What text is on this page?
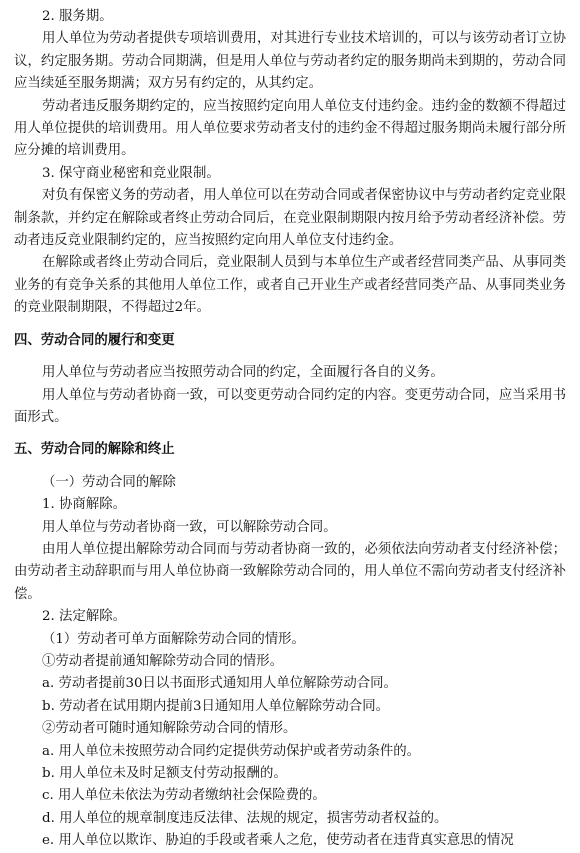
2. 服务期。

用人单位为劳动者提供专项培训费用，对其进行专业技术培训的，可以与该劳动者订立协议，约定服务期。劳动合同期满，但是用人单位与劳动者约定的服务期尚未到期的，劳动合同应当续延至服务期满；双方另有约定的，从其约定。

劳动者违反服务期约定的，应当按照约定向用人单位支付违约金。违约金的数额不得超过用人单位提供的培训费用。用人单位要求劳动者支付的违约金不得超过服务期尚未履行部分所应分摊的培训费用。

3. 保守商业秘密和竞业限制。

对负有保密义务的劳动者，用人单位可以在劳动合同或者保密协议中与劳动者约定竞业限制条款，并约定在解除或者终止劳动合同后，在竞业限制期限内按月给予劳动者经济补偿。劳动者违反竞业限制约定的，应当按照约定向用人单位支付违约金。

在解除或者终止劳动合同后，竞业限制人员到与本单位生产或者经营同类产品、从事同类业务的有竞争关系的其他用人单位工作，或者自己开业生产或者经营同类产品、从事同类业务的竞业限制期限，不得超过2年。

四、劳动合同的履行和变更

用人单位与劳动者应当按照劳动合同的约定，全面履行各自的义务。

用人单位与劳动者协商一致，可以变更劳动合同约定的内容。变更劳动合同，应当采用书面形式。

五、劳动合同的解除和终止

（一）劳动合同的解除

1. 协商解除。

用人单位与劳动者协商一致，可以解除劳动合同。

由用人单位提出解除劳动合同而与劳动者协商一致的，必须依法向劳动者支付经济补偿；由劳动者主动辞职而与用人单位协商一致解除劳动合同的，用人单位不需向劳动者支付经济补偿。

2. 法定解除。

（1）劳动者可单方面解除劳动合同的情形。

①劳动者提前通知解除劳动合同的情形。

a. 劳动者提前30日以书面形式通知用人单位解除劳动合同。

b. 劳动者在试用期内提前3日通知用人单位解除劳动合同。

②劳动者可随时通知解除劳动合同的情形。

a. 用人单位未按照劳动合同约定提供劳动保护或者劳动条件的。

b. 用人单位未及时足额支付劳动报酬的。

c. 用人单位未依法为劳动者缴纳社会保险费的。

d. 用人单位的规章制度违反法律、法规的规定，损害劳动者权益的。

e. 用人单位以欺诈、胁迫的手段或者乘人之危，使劳动者在违背真实意思的情况
